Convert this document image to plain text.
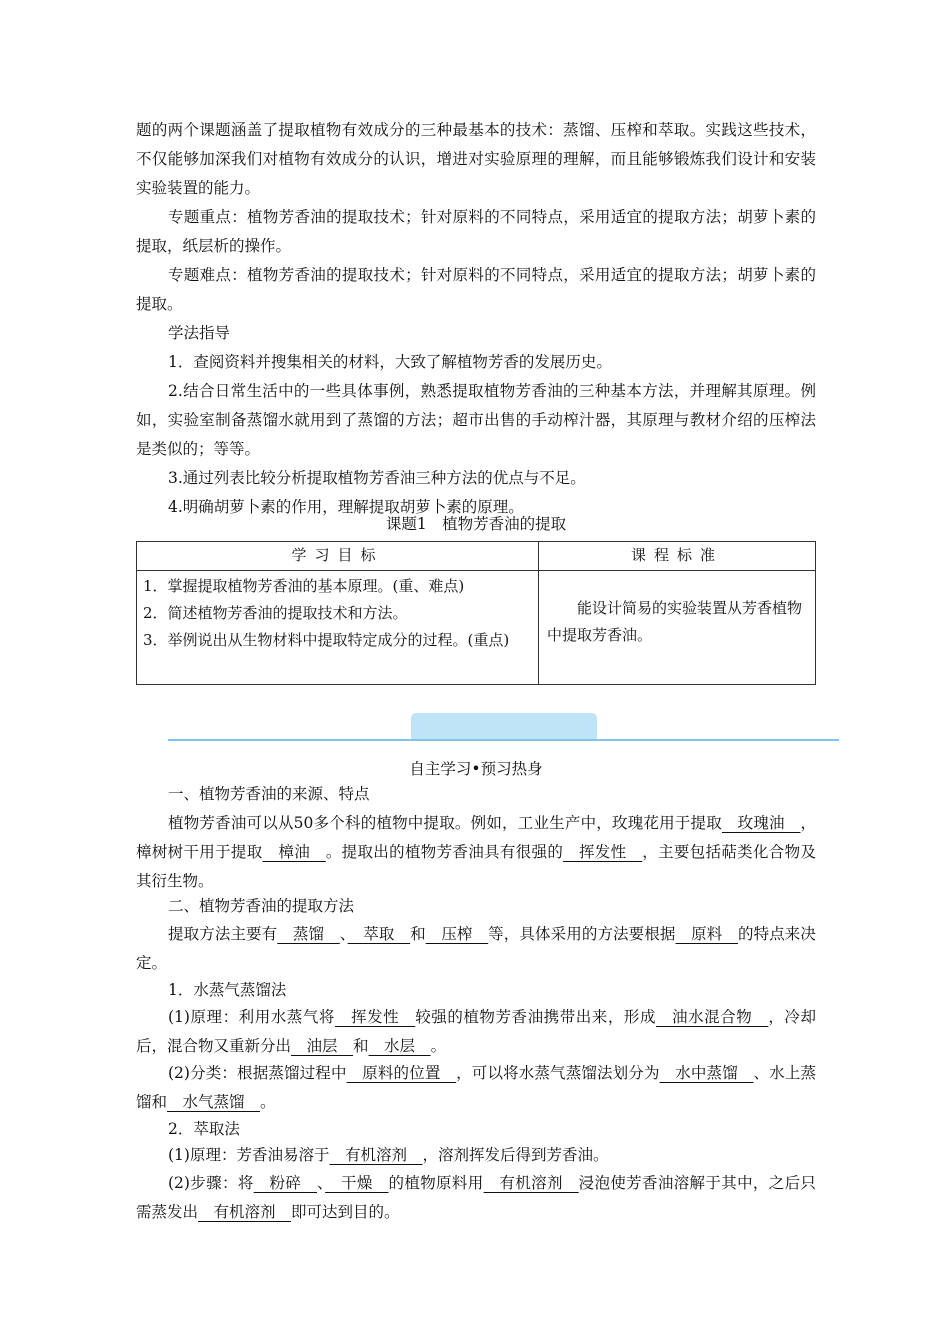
题的两个课题涵盖了提取植物有效成分的三种最基本的技术：蒸馏、压榨和萃取。实践这些技术，不仅能够加深我们对植物有效成分的认识，增进对实验原理的理解，而且能够锻炼我们设计和安装实验装置的能力。

专题重点：植物芳香油的提取技术；针对原料的不同特点，采用适宜的提取方法；胡萝卜素的提取，纸层析的操作。

专题难点：植物芳香油的提取技术；针对原料的不同特点，采用适宜的提取方法；胡萝卜素的提取。

学法指导

1．查阅资料并搜集相关的材料，大致了解植物芳香的发展历史。

2.结合日常生活中的一些具体事例，熟悉提取植物芳香油的三种基本方法，并理解其原理。例如，实验室制备蒸馏水就用到了蒸馏的方法；超市出售的手动榨汁器，其原理与教材介绍的压榨法是类似的；等等。

3.通过列表比较分析提取植物芳香油三种方法的优点与不足。

4.明确胡萝卜素的作用，理解提取胡萝卜素的原理。

课题1　植物芳香油的提取
学习目标	课程标准

1．掌握提取植物芳香油的基本原理。(重、难点)
2．简述植物芳香油的提取技术和方法。
3．举例说出从生物材料中提取特定成分的过程。(重点)	能设计简易的实验装置从芳香植物中提取芳香油。
自主学习•预习热身

一、植物芳香油的来源、特点

植物芳香油可以从50多个科的植物中提取。例如，工业生产中，玫瑰花用于提取　玫瑰油　，樟树树干用于提取　樟油　。提取出的植物芳香油具有很强的　挥发性　，主要包括萜类化合物及其衍生物。

二、植物芳香油的提取方法

提取方法主要有　蒸馏　、　萃取　和　压榨　等，具体采用的方法要根据　原料　的特点来决定。

1．水蒸气蒸馏法

(1)原理：利用水蒸气将　挥发性　较强的植物芳香油携带出来，形成　油水混合物　，冷却后，混合物又重新分出　油层　和　水层　。

(2)分类：根据蒸馏过程中　原料的位置　，可以将水蒸气蒸馏法划分为　水中蒸馏　、水上蒸馏和　水气蒸馏　。

2．萃取法

(1)原理：芳香油易溶于　有机溶剂　，溶剂挥发后得到芳香油。

(2)步骤：将　粉碎　、　干燥　的植物原料用　有机溶剂　浸泡使芳香油溶解于其中，之后只需蒸发出　有机溶剂　即可达到目的。
